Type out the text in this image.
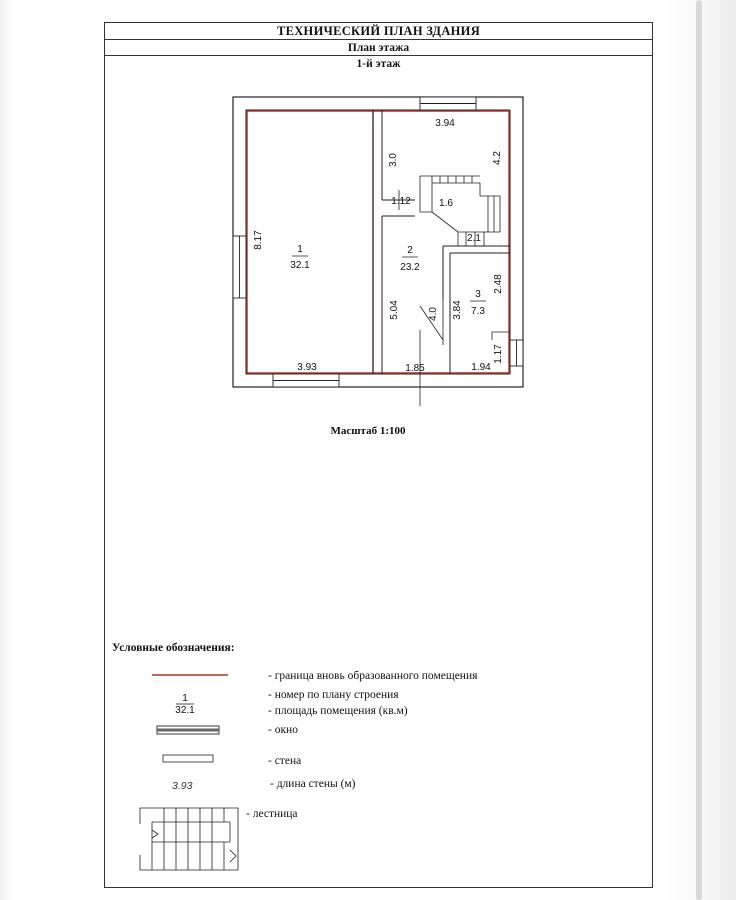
ТЕХНИЧЕСКИЙ ПЛАН ЗДАНИЯ
План этажа
1-й этаж
1
32.1
2
23.2
3
7.3
3.94
1.12	1.6
2.1
3.93	1.85	1.94
3.0	4.2
8.17
2.48
5.04	4.0 3.84
1.17
1
32.1
3.93
Масштаб 1:100
Условные обозначения:
- граница вновь образованного помещения
- номер по плану строения
- площадь помещения (кв.м)
- окно
- стена
- длина стены (м)
- лестница
